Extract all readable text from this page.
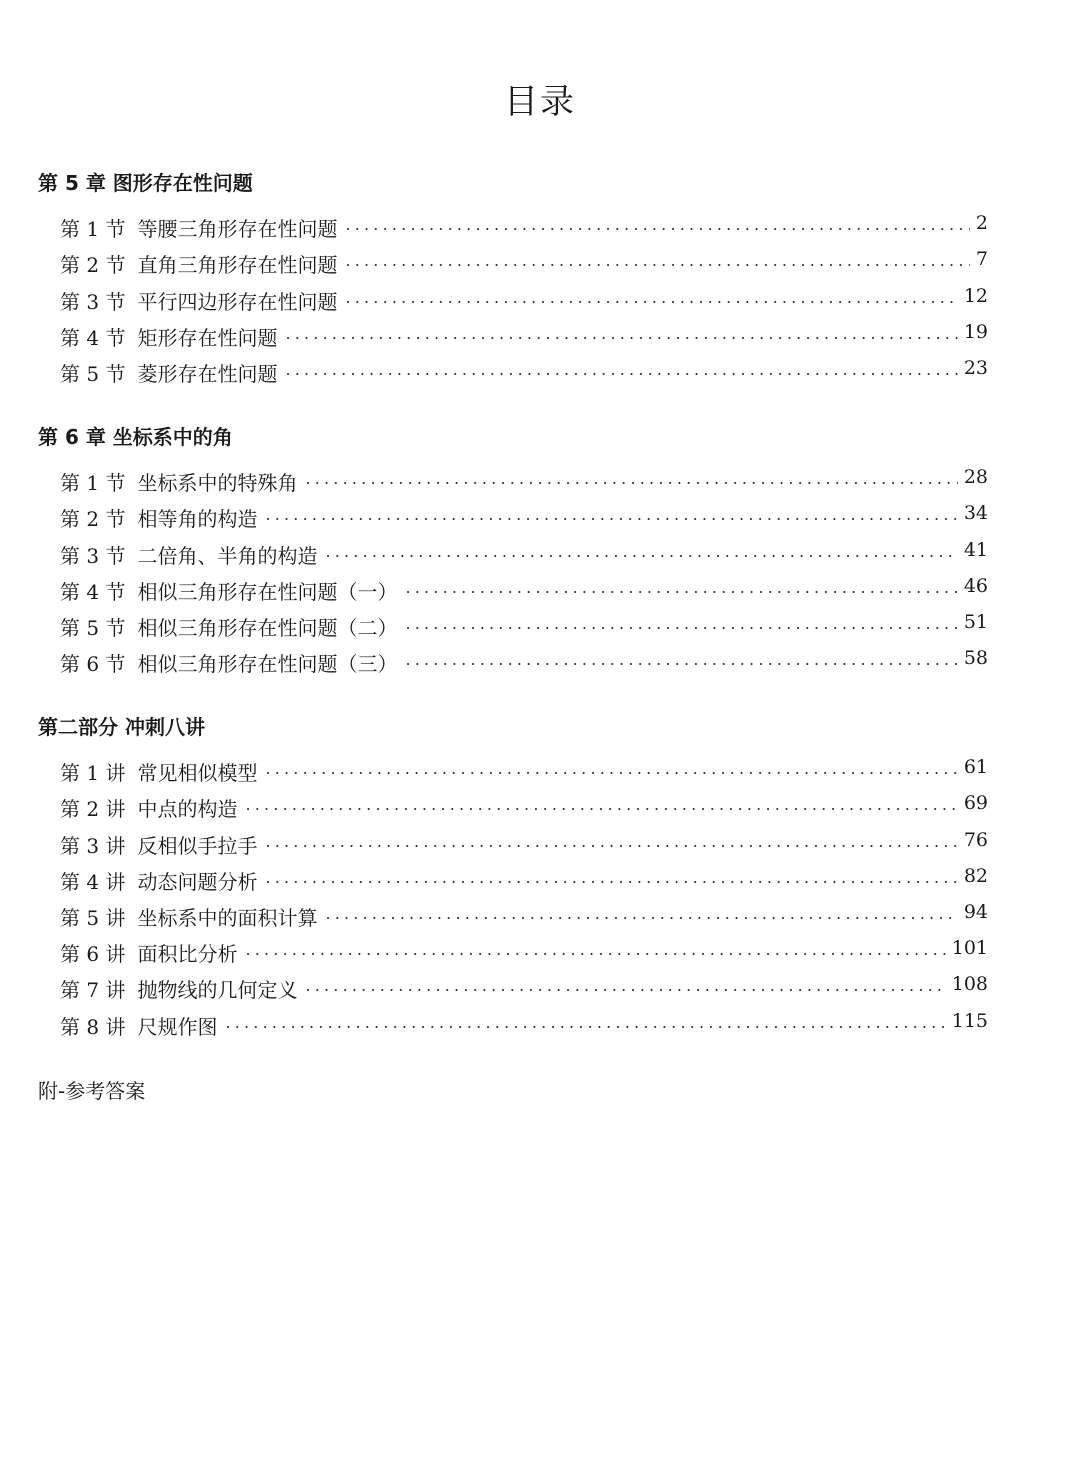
目录
第 5 章 图形存在性问题
第 1 节 等腰三角形存在性问题 .....	2
第 2 节 直角三角形存在性问题 .....	7
第 3 节 平行四边形存在性问题 .....	12
第 4 节 矩形存在性问题 .....	19
第 5 节 菱形存在性问题 .....	23
第 6 章 坐标系中的角
第 1 节 坐标系中的特殊角 .....	28
第 2 节 相等角的构造 .....	34
第 3 节 二倍角、半角的构造 .....	41
第 4 节 相似三角形存在性问题（一） .....	46
第 5 节 相似三角形存在性问题（二） .....	51
第 6 节 相似三角形存在性问题（三） .....	58
第二部分 冲刺八讲
第 1 讲 常见相似模型 .....	61
第 2 讲 中点的构造 .....	69
第 3 讲 反相似手拉手 .....	76
第 4 讲 动态问题分析 .....	82
第 5 讲 坐标系中的面积计算 .....	94
第 6 讲 面积比分析 .....	101
第 7 讲 抛物线的几何定义 .....	108
第 8 讲 尺规作图 .....	115
附-参考答案
